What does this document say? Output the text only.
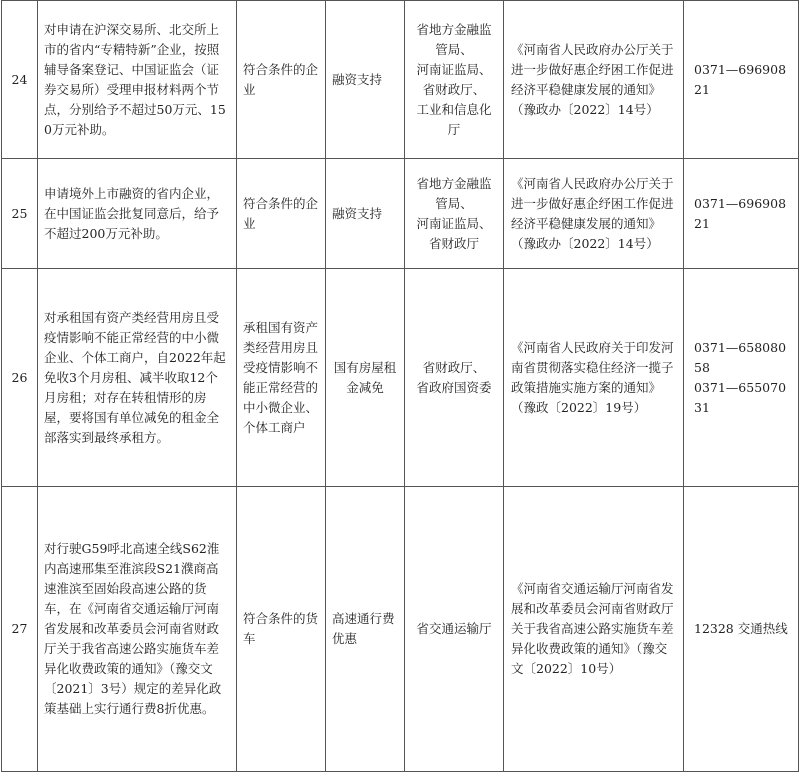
24	对申请在沪深交易所、北交所上市的省内“专精特新”企业，按照辅导备案登记、中国证监会（证券交易所）受理申报材料两个节点，分别给予不超过50万元、150万元补助。	符合条件的企业	融资支持	省地方金融监管局、
河南证监局、
省财政厅、
工业和信息化厅	《河南省人民政府办公厅关于进一步做好惠企纾困工作促进经济平稳健康发展的通知》（豫政办〔2022〕14号）	0371—69690821

25	申请境外上市融资的省内企业，在中国证监会批复同意后，给予不超过200万元补助。	符合条件的企业	融资支持	省地方金融监管局、
河南证监局、
省财政厅	《河南省人民政府办公厅关于进一步做好惠企纾困工作促进经济平稳健康发展的通知》（豫政办〔2022〕14号）	0371—69690821

26	对承租国有资产类经营用房且受疫情影响不能正常经营的中小微企业、个体工商户，自2022年起免收3个月房租、减半收取12个月房租；对存在转租情形的房屋，要将国有单位减免的租金全部落实到最终承租方。	承租国有资产类经营用房且受疫情影响不能正常经营的中小微企业、个体工商户	国有房屋租金减免	省财政厅、
省政府国资委	《河南省人民政府关于印发河南省贯彻落实稳住经济一揽子政策措施实施方案的通知》（豫政〔2022〕19号）	0371—65808058
0371—65507031

27	对行驶G59呼北高速全线S62淮内高速邢集至淮滨段S21濮商高速淮滨至固始段高速公路的货车，在《河南省交通运输厅河南省发展和改革委员会河南省财政厅关于我省高速公路实施货车差异化收费政策的通知》（豫交文〔2021〕3号）规定的差异化政策基础上实行通行费8折优惠。	符合条件的货车	高速通行费优惠	省交通运输厅	《河南省交通运输厅河南省发展和改革委员会河南省财政厅关于我省高速公路实施货车差异化收费政策的通知》（豫交文〔2022〕10号）	12328 交通热线
